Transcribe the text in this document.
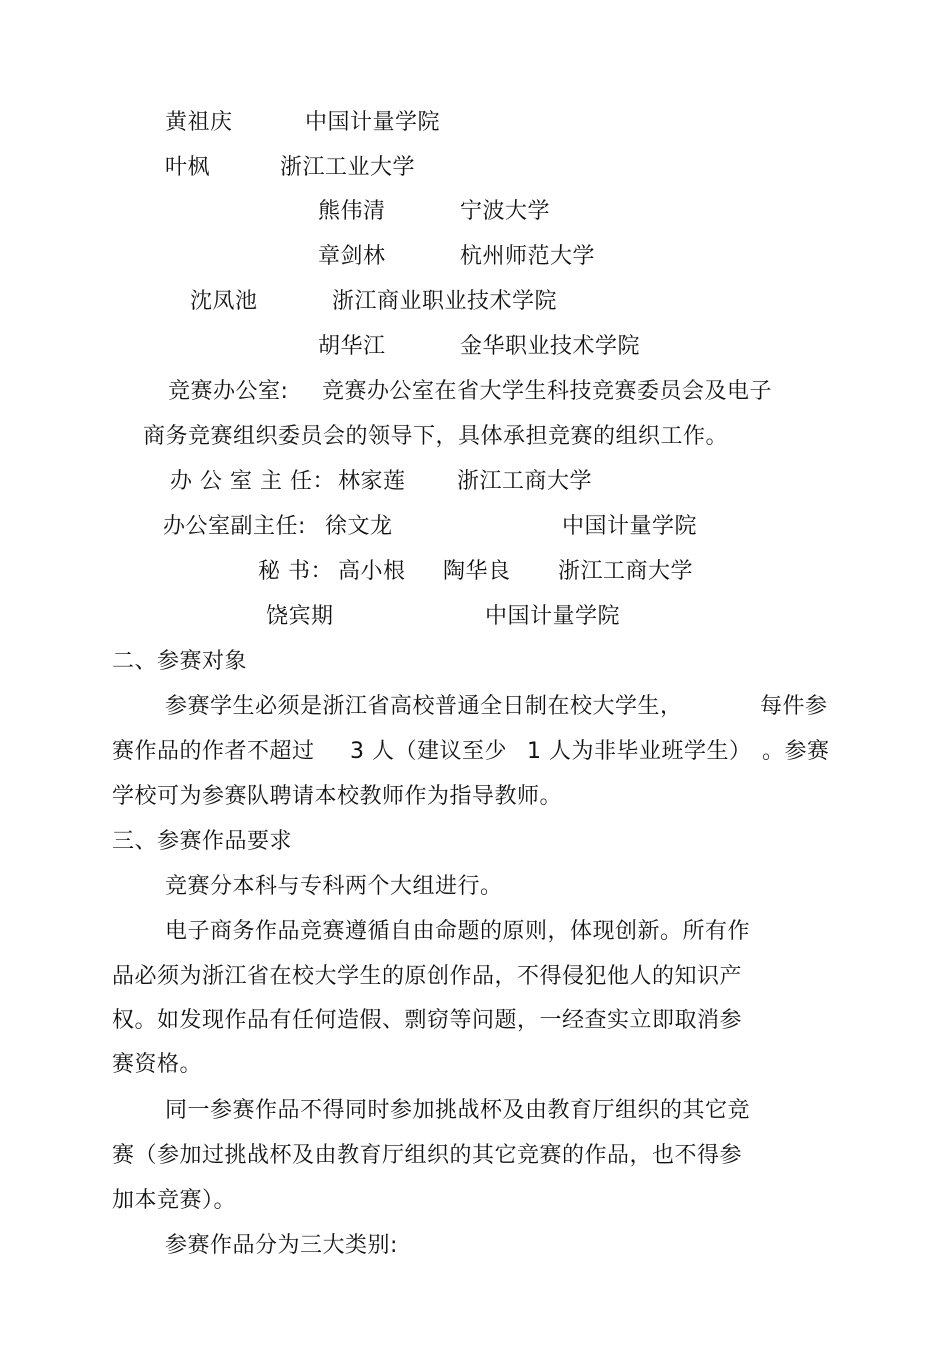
黄祖庆	中国计量学院
叶枫	浙江工业大学
熊伟清	宁波大学
章剑林	杭州师范大学
沈凤池	浙江商业职业技术学院
胡华江	金华职业技术学院
竞赛办公室: 竞赛办公室在省大学生科技竞赛委员会及电子
商务竞赛组织委员会的领导下，具体承担竞赛的组织工作。
办 公 室 主 任： 林家莲 浙江工商大学
办公室副主任: 徐文龙	中国计量学院
秘 书： 高小根 陶华良 浙江工商大学
饶宾期	中国计量学院
二、参赛对象
参赛学生必须是浙江省高校普通全日制在校大学生，	每件参
赛作品的作者不超过 3 人（建议至少 1 人为非毕业班学生） 。参赛
学校可为参赛队聘请本校教师作为指导教师。
三、参赛作品要求
竞赛分本科与专科两个大组进行。
电子商务作品竞赛遵循自由命题的原则，体现创新。所有作
品必须为浙江省在校大学生的原创作品，不得侵犯他人的知识产
权。如发现作品有任何造假、剽窃等问题，一经查实立即取消参
赛资格。
同一参赛作品不得同时参加挑战杯及由教育厅组织的其它竞
赛（参加过挑战杯及由教育厅组织的其它竞赛的作品，也不得参
加本竞赛）。
参赛作品分为三大类别:
